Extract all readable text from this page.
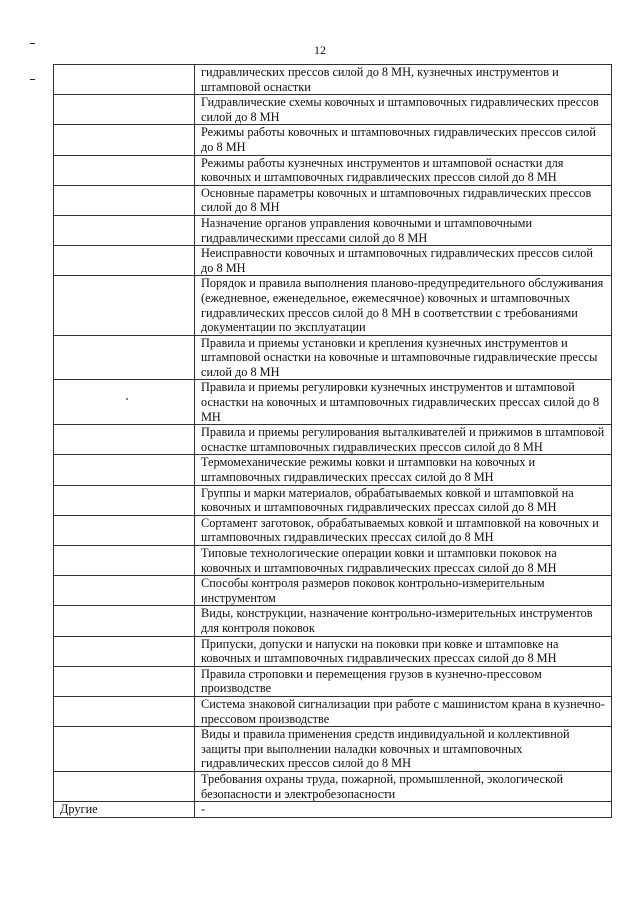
12
	гидравлических прессов силой до 8 МН, кузнечных инструментов и штамповой оснастки
	Гидравлические схемы ковочных и штамповочных гидравлических прессов силой до 8 МН
	Режимы работы ковочных и штамповочных гидравлических прессов силой до 8 МН
	Режимы работы кузнечных инструментов и штамповой оснастки для ковочных и штамповочных гидравлических прессов силой до 8 МН
	Основные параметры ковочных и штамповочных гидравлических прессов силой до 8 МН
	Назначение органов управления ковочными и штамповочными гидравлическими прессами силой до 8 МН
	Неисправности ковочных и штамповочных гидравлических прессов силой до 8 МН
	Порядок и правила выполнения планово-предупредительного обслуживания (ежедневное, еженедельное, ежемесячное) ковочных и штамповочных гидравлических прессов силой до 8 МН в соответствии с требованиями документации по эксплуатации
	Правила и приемы установки и крепления кузнечных инструментов и штамповой оснастки на ковочные и штамповочные гидравлические прессы силой до 8 МН
	Правила и приемы регулировки кузнечных инструментов и штамповой оснастки на ковочных и штамповочных гидравлических прессах силой до 8 МН
	Правила и приемы регулирования выталкивателей и прижимов в штамповой оснастке штамповочных гидравлических прессов силой до 8 МН
	Термомеханические режимы ковки и штамповки на ковочных и штамповочных гидравлических прессах силой до 8 МН
	Группы и марки материалов, обрабатываемых ковкой и штамповкой на ковочных и штамповочных гидравлических прессах силой до 8 МН
	Сортамент заготовок, обрабатываемых ковкой и штамповкой на ковочных и штамповочных гидравлических прессах силой до 8 МН
	Типовые технологические операции ковки и штамповки поковок на ковочных и штамповочных гидравлических прессах силой до 8 МН
	Способы контроля размеров поковок контрольно-измерительным инструментом
	Виды, конструкции, назначение контрольно-измерительных инструментов для контроля поковок
	Припуски, допуски и напуски на поковки при ковке и штамповке на ковочных и штамповочных гидравлических прессах силой до 8 МН
	Правила строповки и перемещения грузов в кузнечно-прессовом производстве
	Система знаковой сигнализации при работе с машинистом крана в кузнечно-прессовом производстве
	Виды и правила применения средств индивидуальной и коллективной защиты при выполнении наладки ковочных и штамповочных гидравлических прессов силой до 8 МН
	Требования охраны труда, пожарной, промышленной, экологической безопасности и электробезопасности
Другие	-
